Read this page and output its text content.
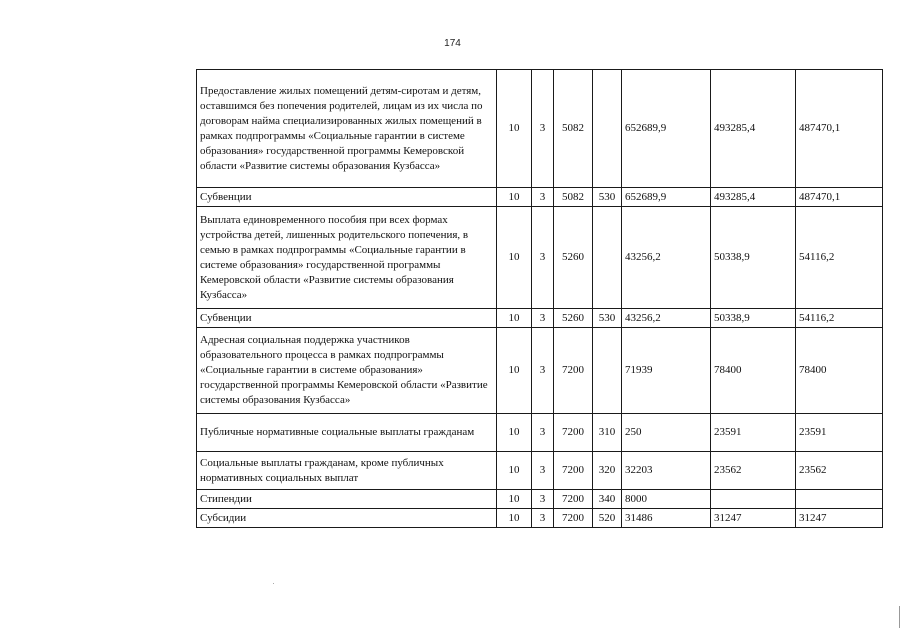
174
Предоставление жилых помещений детям-сиротам и детям, оставшимся без попечения родителей, лицам из их числа по договорам найма специализированных жилых помещений в рамках подпрограммы «Социальные гарантии в системе образования» государственной программы Кемеровской области «Развитие системы образования Кузбасса»	10	3	5082		652689,9	493285,4	487470,1
Субвенции	10	3	5082	530	652689,9	493285,4	487470,1
Выплата единовременного пособия при всех формах устройства детей, лишенных родительского попечения, в семью в рамках подпрограммы «Социальные гарантии в системе образования» государственной программы Кемеровской области «Развитие системы образования Кузбасса»	10	3	5260		43256,2	50338,9	54116,2
Субвенции	10	3	5260	530	43256,2	50338,9	54116,2
Адресная социальная поддержка участников образовательного процесса в рамках подпрограммы «Социальные гарантии в системе образования» государственной программы Кемеровской области «Развитие системы образования Кузбасса»	10	3	7200		71939	78400	78400
Публичные нормативные социальные выплаты гражданам	10	3	7200	310	250	23591	23591
Социальные выплаты гражданам, кроме публичных нормативных социальных выплат	10	3	7200	320	32203	23562	23562
Стипендии	10	3	7200	340	8000		
Субсидии	10	3	7200	520	31486	31247	31247
